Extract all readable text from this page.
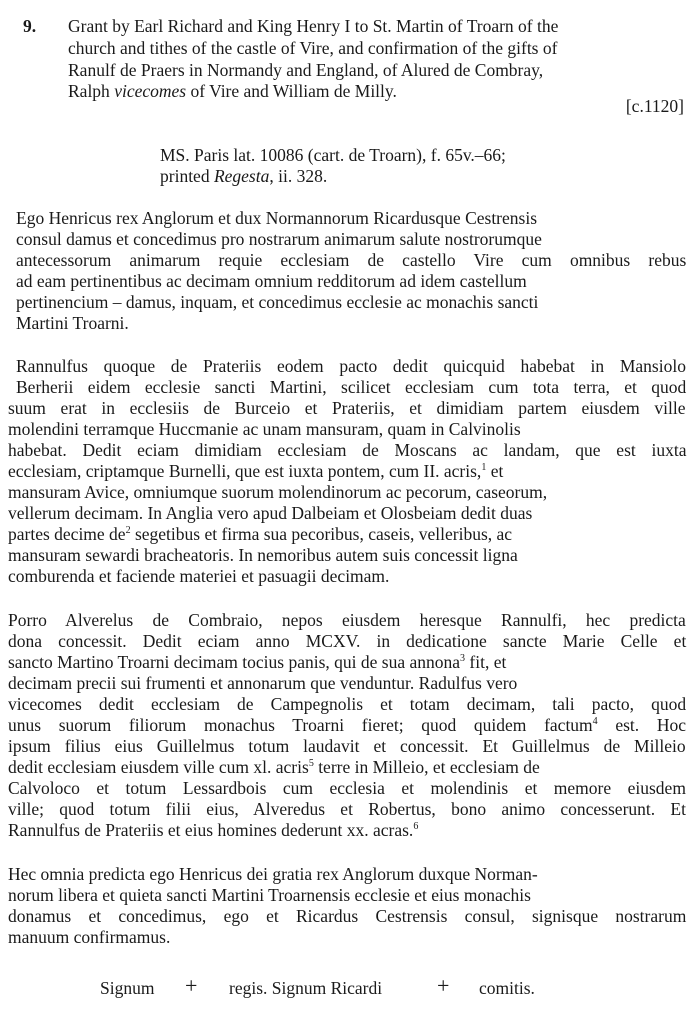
9. Grant by Earl Richard and King Henry I to St. Martin of Troarn of the
church and tithes of the castle of Vire, and confirmation of the gifts of
Ranulf de Praers in Normandy and England, of Alured de Combray,
Ralph vicecomes of Vire and William de Milly.
[c.1120]
MS. Paris lat. 10086 (cart. de Troarn), f. 65v.–66;
printed Regesta, ii. 328.
Ego Henricus rex Anglorum et dux Normannorum Ricardusque Cestrensis
consul damus et concedimus pro nostrarum animarum salute nostrorumque
antecessorum animarum requie ecclesiam de castello Vire cum omnibus rebus
ad eam pertinentibus ac decimam omnium redditorum ad idem castellum
pertinencium – damus, inquam, et concedimus ecclesie ac monachis sancti
Martini Troarni.
Rannulfus quoque de Prateriis eodem pacto dedit quicquid habebat in Mansiolo
Berherii eidem ecclesie sancti Martini, scilicet ecclesiam cum tota terra, et quod
suum erat in ecclesiis de Burceio et Prateriis, et dimidiam partem eiusdem ville
molendini terramque Huccmanie ac unam mansuram, quam in Calvinolis
habebat. Dedit eciam dimidiam ecclesiam de Moscans ac landam, que est iuxta
ecclesiam, criptamque Burnelli, que est iuxta pontem, cum II. acris,$^1$ et
mansuram Avice, omniumque suorum molendinorum ac pecorum, caseorum,
vellerum decimam. In Anglia vero apud Dalbeiam et Olosbeiam dedit duas
partes decime $de^2$ segetibus et firma sua pecoribus, caseis, velleribus, ac
mansuram sewardi bracheatoris. In nemoribus autem suis concessit ligna
comburenda et faciende materiei et pasuagii decimam.
Porro Alverelus de Combraio, nepos eiusdem heresque Rannulfi, hec predicta
dona concessit. Dedit eciam anno MCXV. in dedicatione sancte Marie Celle et
sancto Martino Troarni decimam tocius panis, qui de sua annona$^3$ fit, et
decimam precii sui frumenti et annonarum que venduntur. Radulfus vero
vicecomes dedit ecclesiam de Campegnolis et totam decimam, tali pacto, quod
unus suorum filiorum monachus Troarni fieret; quod quidem factum$^4$ est. Hoc
ipsum filius eius Guillelmus totum laudavit et concessit. Et Guillelmus de Milleio
dedit ecclesiam eiusdem ville cum xl. acris$^5$ terre in Milleio, et ecclesiam de
Calvoloco et totum Lessardbois cum ecclesia et molendinis et memore eiusdem
ville; quod totum filii eius, Alveredus et Robertus, bono animo concesserunt. Et
Rannulfus de Prateriis et eius homines dederunt xx. acras.$^6$
Hec omnia predicta ego Henricus dei gratia rex Anglorum duxque Norman-
norum libera et quieta sancti Martini Troarnensis ecclesie et eius monachis
donamus et concedimus, ego et Ricardus Cestrensis consul, signisque nostrarum
manuum confirmamus.
Signum + regis. Signum Ricardi + comitis.
